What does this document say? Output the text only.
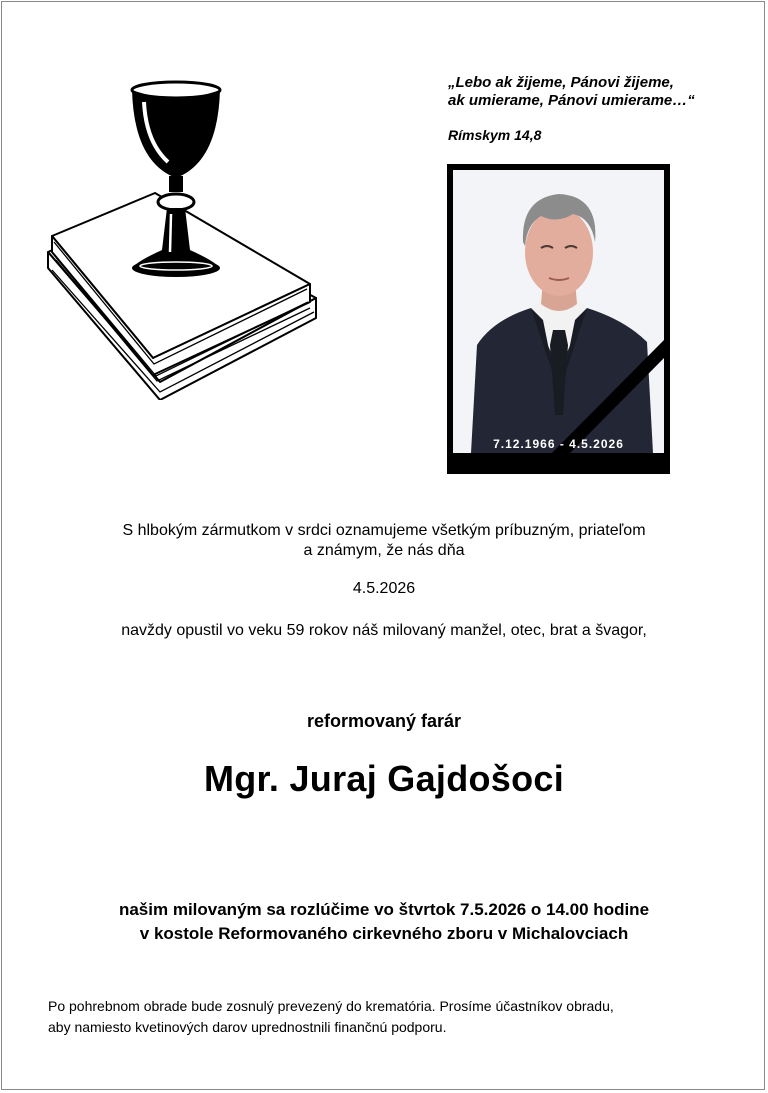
„Lebo ak žijeme, Pánovi žijeme,
ak umierame, Pánovi umierame…“
Rímskym 14,8
7.12.1966 - 4.5.2026
S hlbokým zármutkom v srdci oznamujeme všetkým príbuzným, priateľom
a známym, že nás dňa
4.5.2026
navždy opustil vo veku 59 rokov náš milovaný manžel, otec, brat a švagor,
reformovaný farár
Mgr. Juraj Gajdošoci
našim milovaným sa rozlúčime vo štvrtok 7.5.2026 o 14.00 hodine
v kostole Reformovaného cirkevného zboru v Michalovciach
Po pohrebnom obrade bude zosnulý prevezený do krematória. Prosíme účastníkov obradu,
aby namiesto kvetinových darov uprednostnili finančnú podporu.
